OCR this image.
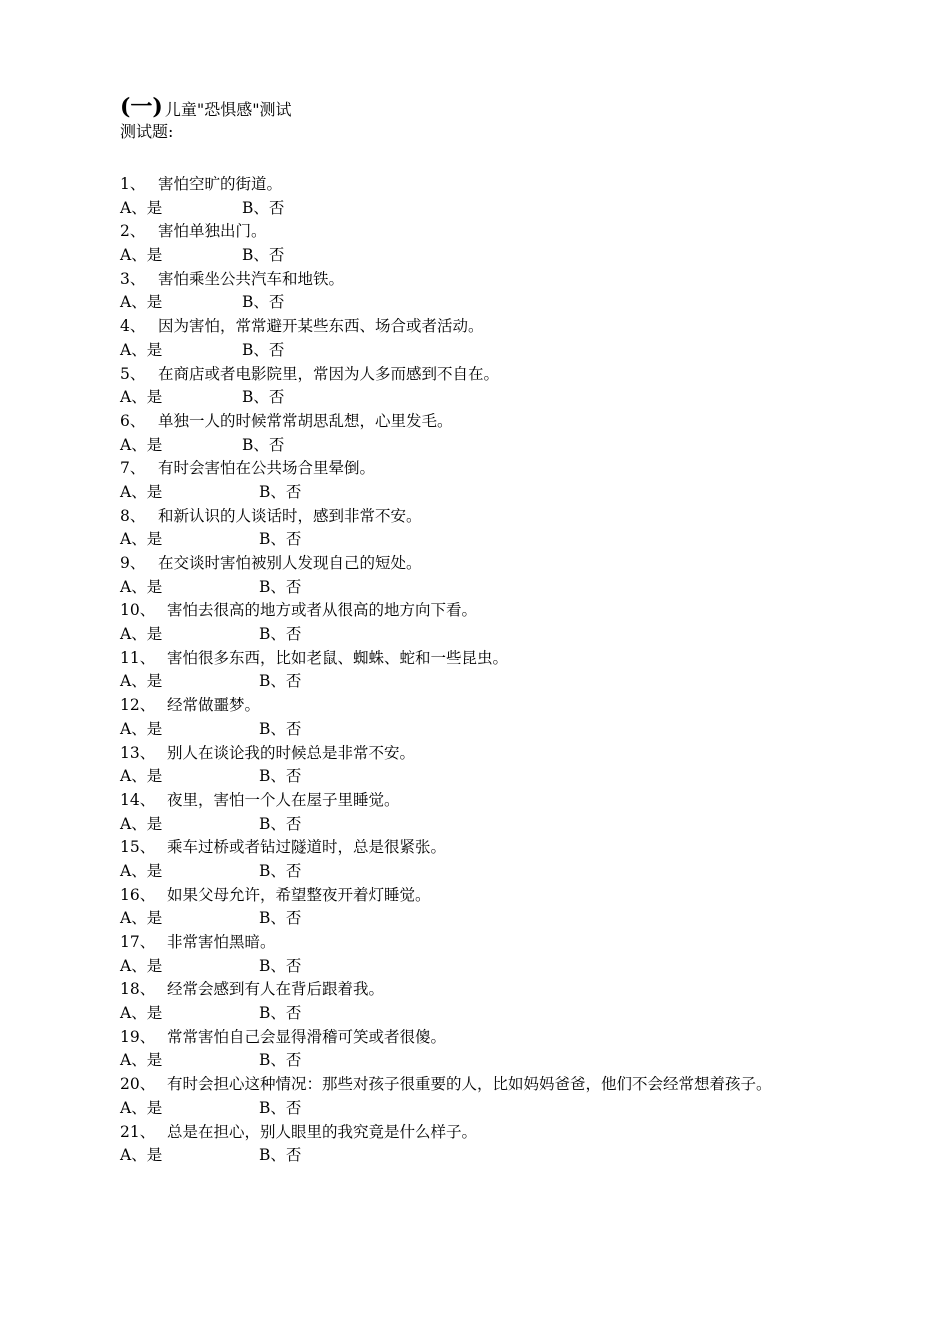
(一) 儿童"恐惧感"测试
测试题:
1、 害怕空旷的街道。
A、是	B、否
2、 害怕单独出门。
A、是	B、否
3、 害怕乘坐公共汽车和地铁。
A、是	B、否
4、 因为害怕，常常避开某些东西、场合或者活动。
A、是	B、否
5、 在商店或者电影院里，常因为人多而感到不自在。
A、是	B、否
6、 单独一人的时候常常胡思乱想，心里发毛。
A、是	B、否
7、 有时会害怕在公共场合里晕倒。
A、是	B、否
8、 和新认识的人谈话时，感到非常不安。
A、是	B、否
9、 在交谈时害怕被别人发现自己的短处。
A、是	B、否
10、 害怕去很高的地方或者从很高的地方向下看。
A、是	B、否
11、 害怕很多东西，比如老鼠、蜘蛛、蛇和一些昆虫。
A、是	B、否
12、 经常做噩梦。
A、是	B、否
13、 别人在谈论我的时候总是非常不安。
A、是	B、否
14、 夜里，害怕一个人在屋子里睡觉。
A、是	B、否
15、 乘车过桥或者钻过隧道时，总是很紧张。
A、是	B、否
16、 如果父母允许，希望整夜开着灯睡觉。
A、是	B、否
17、 非常害怕黑暗。
A、是	B、否
18、 经常会感到有人在背后跟着我。
A、是	B、否
19、 常常害怕自己会显得滑稽可笑或者很傻。
A、是	B、否
20、 有时会担心这种情况：那些对孩子很重要的人，比如妈妈爸爸，他们不会经常想着孩子。
A、是	B、否
21、 总是在担心，别人眼里的我究竟是什么样子。
A、是	B、否
